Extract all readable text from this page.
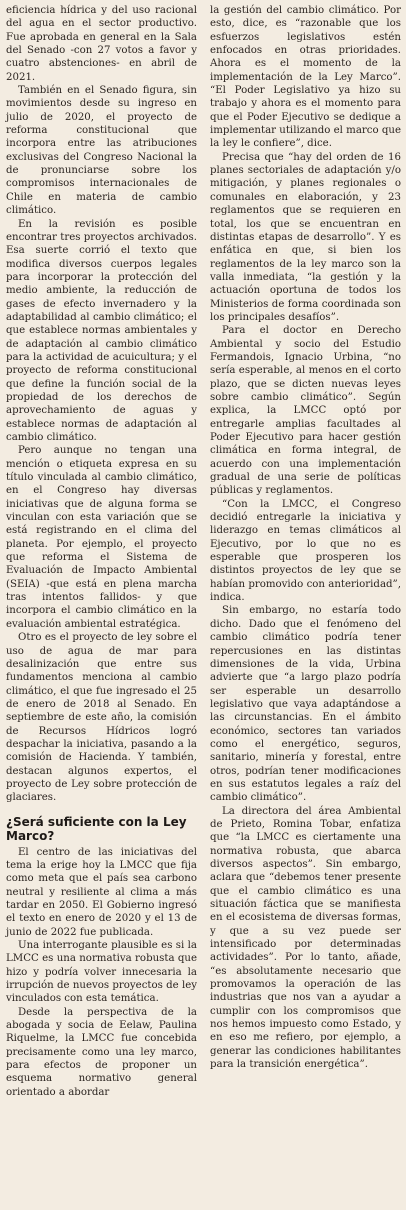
eficiencia hídrica y del uso racional del agua en el sector productivo. Fue aprobada en general en la Sala del Senado -con 27 votos a favor y cuatro abstenciones- en abril de 2021.

También en el Senado figura, sin movimientos desde su ingreso en julio de 2020, el proyecto de reforma constitucional que incorpora entre las atribuciones exclusivas del Congreso Nacional la de pronunciarse sobre los compromisos internacionales de Chile en materia de cambio climático.

En la revisión es posible encontrar tres proyectos archivados. Esa suerte corrió el texto que modifica diversos cuerpos legales para incorporar la protección del medio ambiente, la reducción de gases de efecto invernadero y la adaptabilidad al cambio climático; el que establece normas ambientales y de adaptación al cambio climático para la actividad de acuicultura; y el proyecto de reforma constitucional que define la función social de la propiedad de los derechos de aprovechamiento de aguas y establece normas de adaptación al cambio climático.

Pero aunque no tengan una mención o etiqueta expresa en su título vinculada al cambio climático, en el Congreso hay diversas iniciativas que de alguna forma se vinculan con esta variación que se está registrando en el clima del planeta. Por ejemplo, el proyecto que reforma el Sistema de Evaluación de Impacto Ambiental (SEIA) -que está en plena marcha tras intentos fallidos- y que incorpora el cambio climático en la evaluación ambiental estratégica.

Otro es el proyecto de ley sobre el uso de agua de mar para desalinización que entre sus fundamentos menciona al cambio climático, el que fue ingresado el 25 de enero de 2018 al Senado. En septiembre de este año, la comisión de Recursos Hídricos logró despachar la iniciativa, pasando a la comisión de Hacienda. Y también, destacan algunos expertos, el proyecto de Ley sobre protección de glaciares.

¿Será suficiente con la Ley Marco?

El centro de las iniciativas del tema la erige hoy la LMCC que fija como meta que el país sea carbono neutral y resiliente al clima a más tardar en 2050. El Gobierno ingresó el texto en enero de 2020 y el 13 de junio de 2022 fue publicada.

Una interrogante plausible es si la LMCC es una normativa robusta que hizo y podría volver innecesaria la irrupción de nuevos proyectos de ley vinculados con esta temática.

Desde la perspectiva de la abogada y socia de Eelaw, Paulina Riquelme, la LMCC fue concebida precisamente como una ley marco, para efectos de proponer un esquema normativo general orientado a abordar

la gestión del cambio climático. Por esto, dice, es “razonable que los esfuerzos legislativos estén enfocados en otras prioridades. Ahora es el momento de la implementación de la Ley Marco”. “El Poder Legislativo ya hizo su trabajo y ahora es el momento para que el Poder Ejecutivo se dedique a implementar utilizando el marco que la ley le confiere”, dice.

Precisa que “hay del orden de 16 planes sectoriales de adaptación y/o mitigación, y planes regionales o comunales en elaboración, y 23 reglamentos que se requieren en total, los que se encuentran en distintas etapas de desarrollo”. Y es enfática en que, si bien los reglamentos de la ley marco son la valla inmediata, “la gestión y la actuación oportuna de todos los Ministerios de forma coordinada son los principales desafíos”.

Para el doctor en Derecho Ambiental y socio del Estudio Fermandois, Ignacio Urbina, “no sería esperable, al menos en el corto plazo, que se dicten nuevas leyes sobre cambio climático”. Según explica, la LMCC optó por entregarle amplias facultades al Poder Ejecutivo para hacer gestión climática en forma integral, de acuerdo con una implementación gradual de una serie de políticas públicas y reglamentos.

“Con la LMCC, el Congreso decidió entregarle la iniciativa y liderazgo en temas climáticos al Ejecutivo, por lo que no es esperable que prosperen los distintos proyectos de ley que se habían promovido con anterioridad”, indica.

Sin embargo, no estaría todo dicho. Dado que el fenómeno del cambio climático podría tener repercusiones en las distintas dimensiones de la vida, Urbina advierte que “a largo plazo podría ser esperable un desarrollo legislativo que vaya adaptándose a las circunstancias. En el ámbito económico, sectores tan variados como el energético, seguros, sanitario, minería y forestal, entre otros, podrían tener modificaciones en sus estatutos legales a raíz del cambio climático”.

La directora del área Ambiental de Prieto, Romina Tobar, enfatiza que “la LMCC es ciertamente una normativa robusta, que abarca diversos aspectos”. Sin embargo, aclara que “debemos tener presente que el cambio climático es una situación fáctica que se manifiesta en el ecosistema de diversas formas, y que a su vez puede ser intensificado por determinadas actividades”. Por lo tanto, añade, “es absolutamente necesario que promovamos la operación de las industrias que nos van a ayudar a cumplir con los compromisos que nos hemos impuesto como Estado, y en eso me refiero, por ejemplo, a generar las condiciones habilitantes para la transición energética”.
